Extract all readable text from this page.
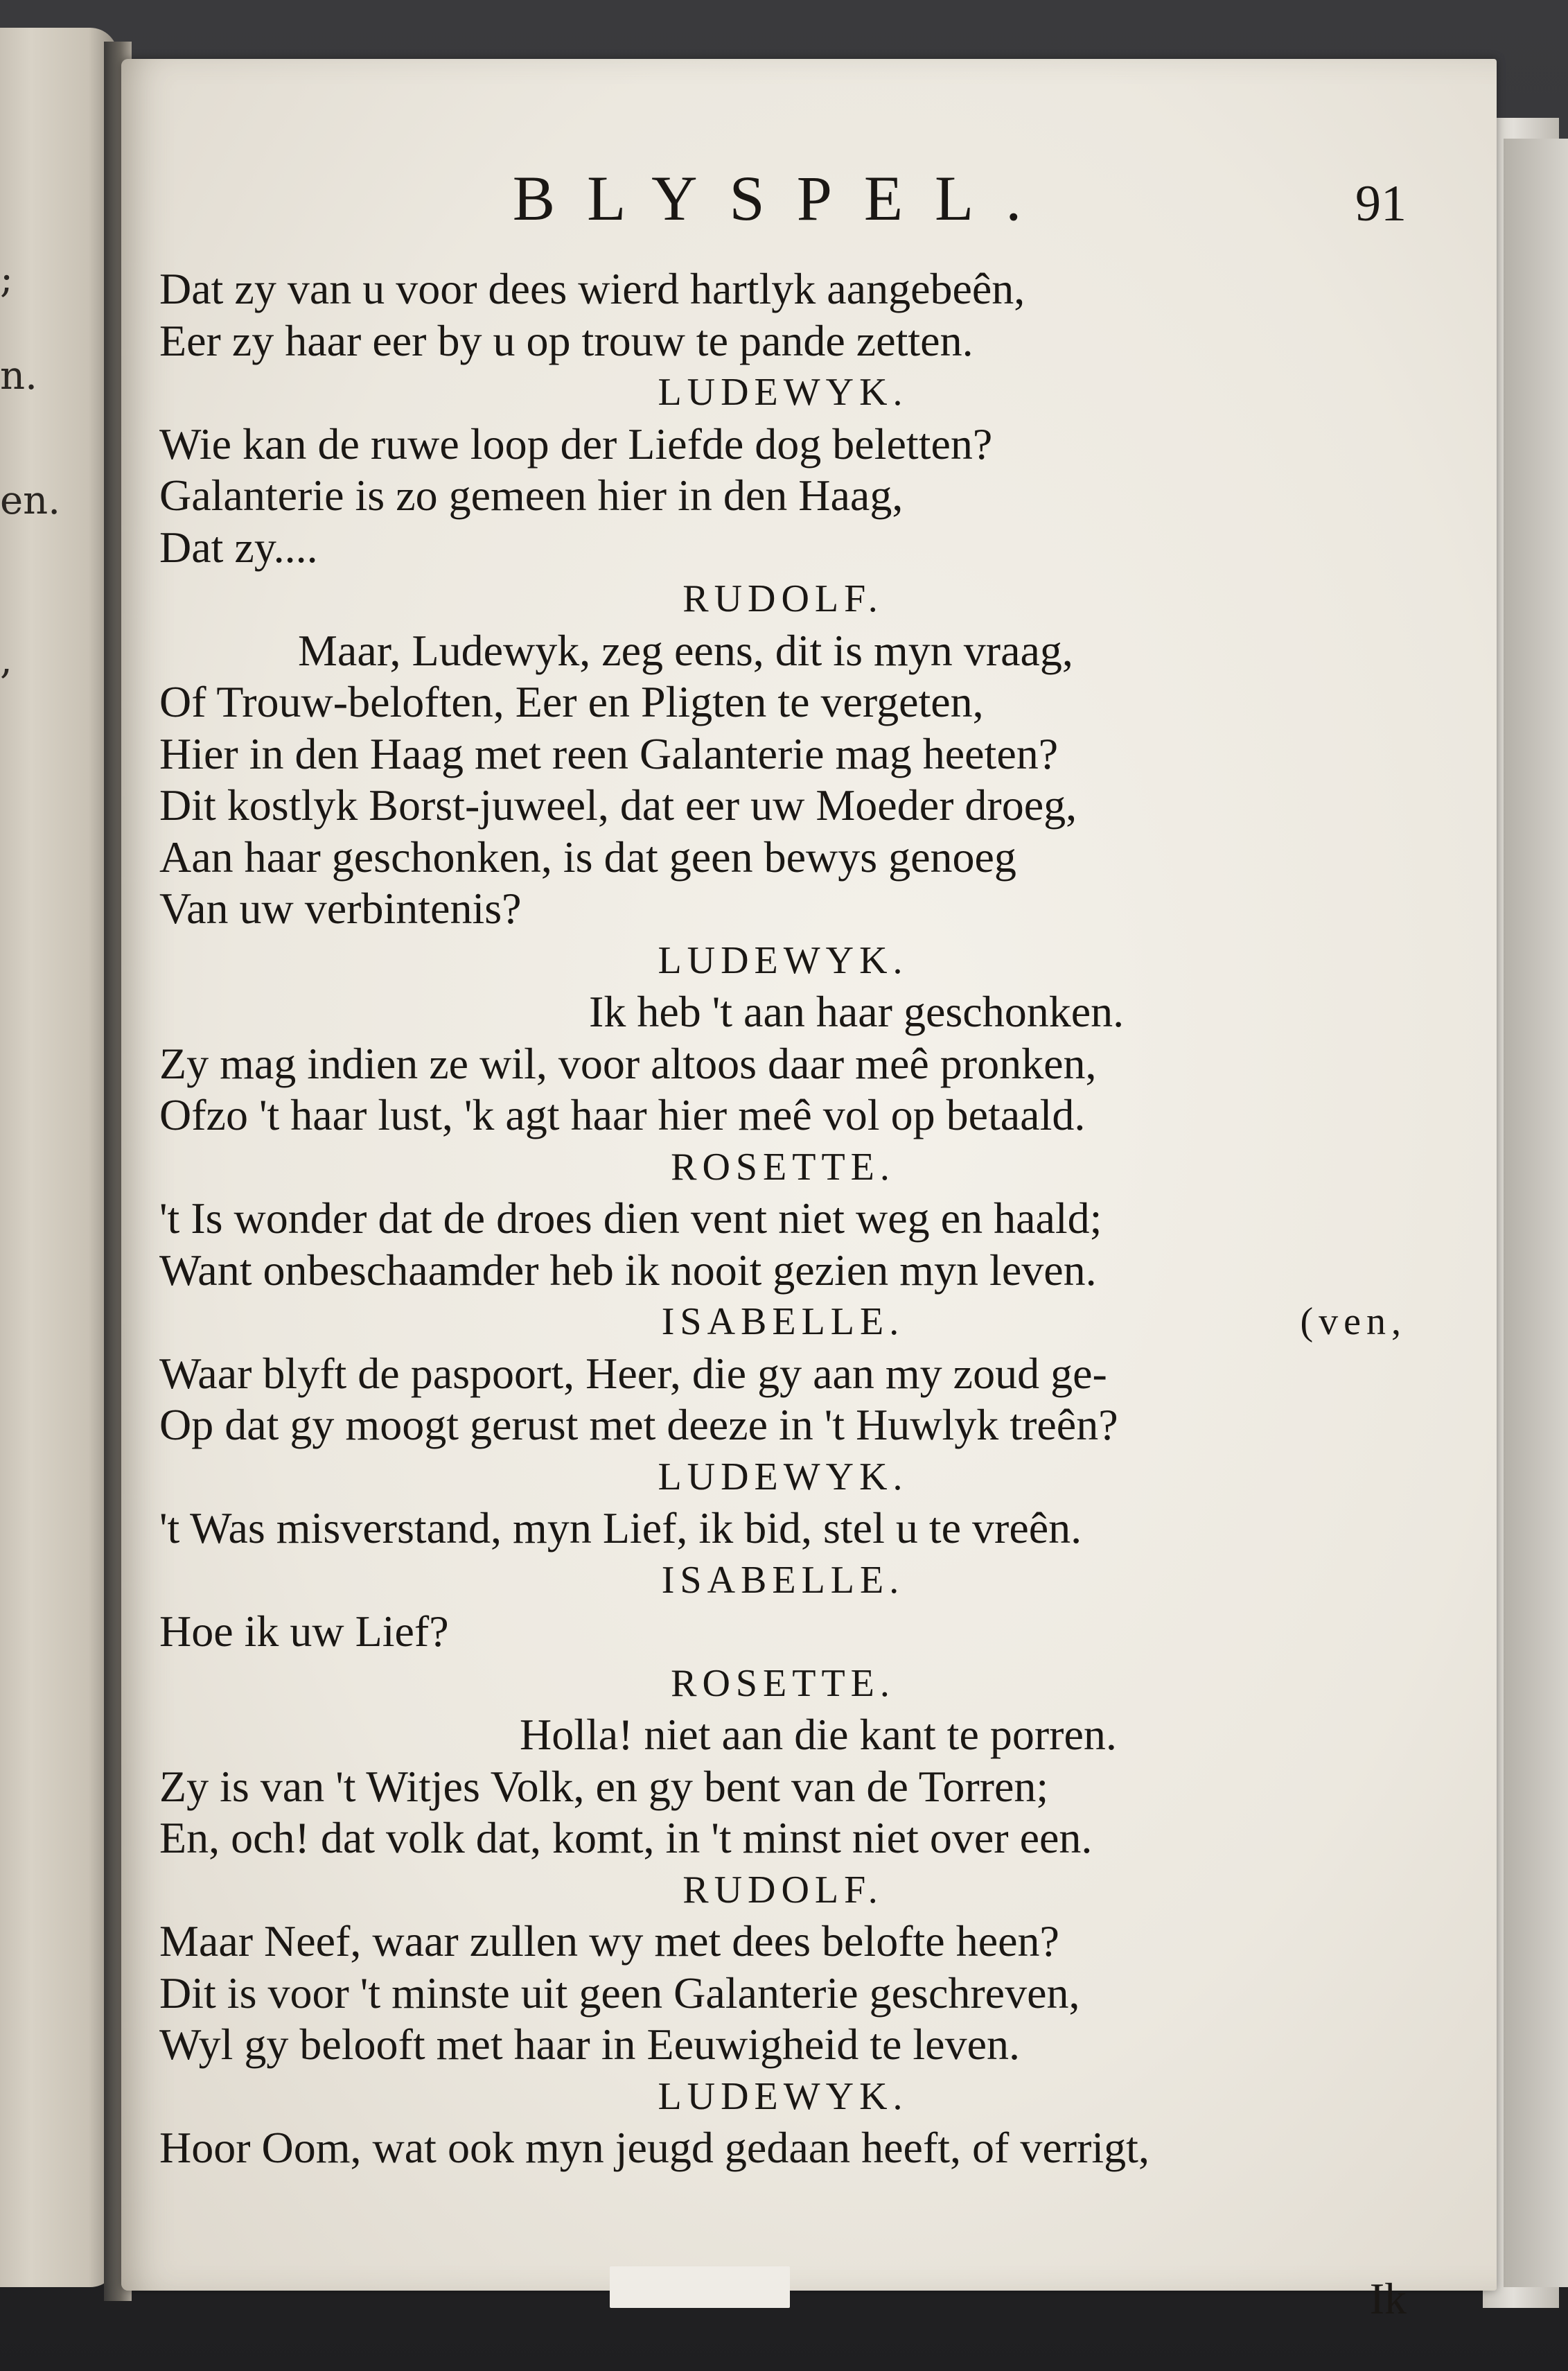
;
n.
en.
,
BLYSPEL.	91
Dat zy van u voor dees wierd hartlyk aangebeên,
Eer zy haar eer by u op trouw te pande zetten.
LUDEWYK.
Wie kan de ruwe loop der Liefde dog beletten?
Galanterie is zo gemeen hier in den Haag,
Dat zy....
RUDOLF.
Maar, Ludewyk, zeg eens, dit is myn vraag,
Of Trouw-beloften, Eer en Pligten te vergeten,
Hier in den Haag met reen Galanterie mag heeten?
Dit kostlyk Borst-juweel, dat eer uw Moeder droeg,
Aan haar geschonken, is dat geen bewys genoeg
Van uw verbintenis?
LUDEWYK.
Ik heb 't aan haar geschonken.
Zy mag indien ze wil, voor altoos daar meê pronken,
Ofzo 't haar lust, 'k agt haar hier meê vol op betaald.
ROSETTE.
't Is wonder dat de droes dien vent niet weg en haald;
Want onbeschaamder heb ik nooit gezien myn leven.
ISABELLE.	(ven,
Waar blyft de paspoort, Heer, die gy aan my zoud ge-
Op dat gy moogt gerust met deeze in 't Huwlyk treên?
LUDEWYK.
't Was misverstand, myn Lief, ik bid, stel u te vreên.
ISABELLE.
Hoe ik uw Lief?
ROSETTE.
Holla! niet aan die kant te porren.
Zy is van 't Witjes Volk, en gy bent van de Torren;
En, och! dat volk dat, komt, in 't minst niet over een.
RUDOLF.
Maar Neef, waar zullen wy met dees belofte heen?
Dit is voor 't minste uit geen Galanterie geschreven,
Wyl gy belooft met haar in Eeuwigheid te leven.
LUDEWYK.
Hoor Oom, wat ook myn jeugd gedaan heeft, of verrigt,
Ik
